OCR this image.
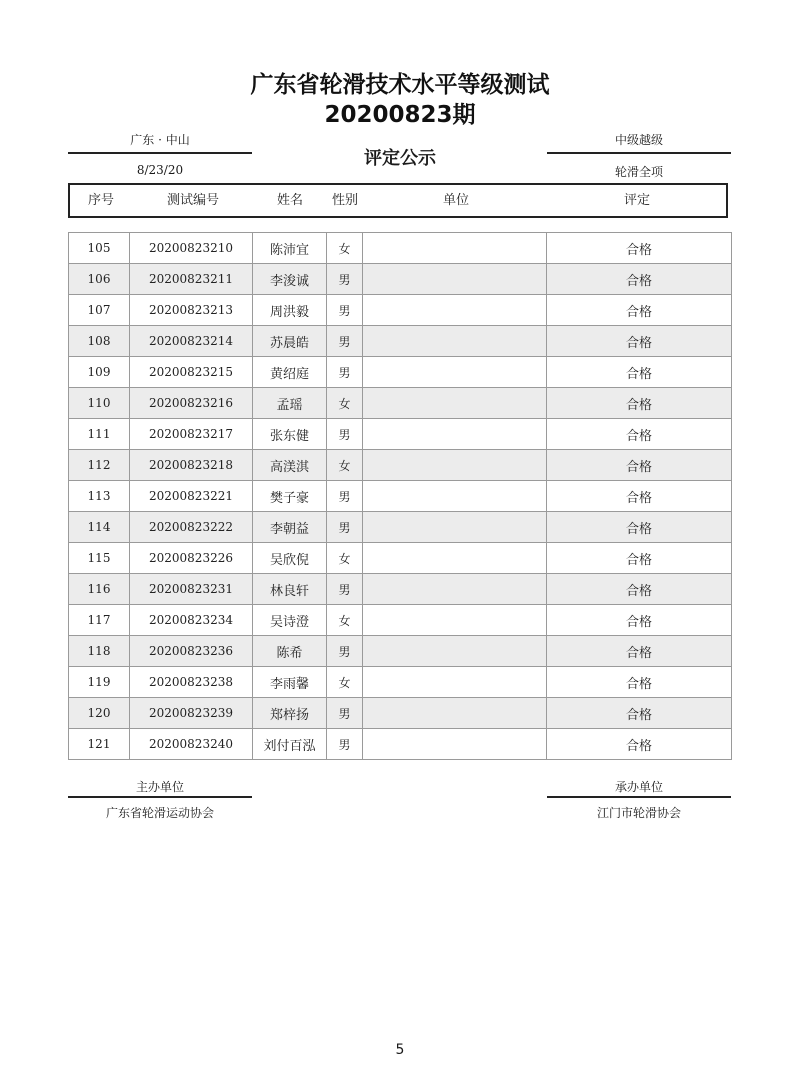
广东省轮滑技术水平等级测试
20200823期
广东 · 中山
8/23/20
评定公示
中级越级
轮滑全项
序号	测试编号	姓名	性别	单位	评定
105	20200823210	陈沛宜	女		合格
106	20200823211	李浚诚	男		合格
107	20200823213	周洪毅	男		合格
108	20200823214	苏晨皓	男		合格
109	20200823215	黄绍庭	男		合格
110	20200823216	孟瑶	女		合格
111	20200823217	张东健	男		合格
112	20200823218	高渼淇	女		合格
113	20200823221	樊子豪	男		合格
114	20200823222	李朝益	男		合格
115	20200823226	吴欣倪	女		合格
116	20200823231	林良轩	男		合格
117	20200823234	吴诗澄	女		合格
118	20200823236	陈希	男		合格
119	20200823238	李雨馨	女		合格
120	20200823239	郑梓扬	男		合格
121	20200823240	刘付百泓	男		合格
主办单位
广东省轮滑运动协会
承办单位
江门市轮滑协会
5
